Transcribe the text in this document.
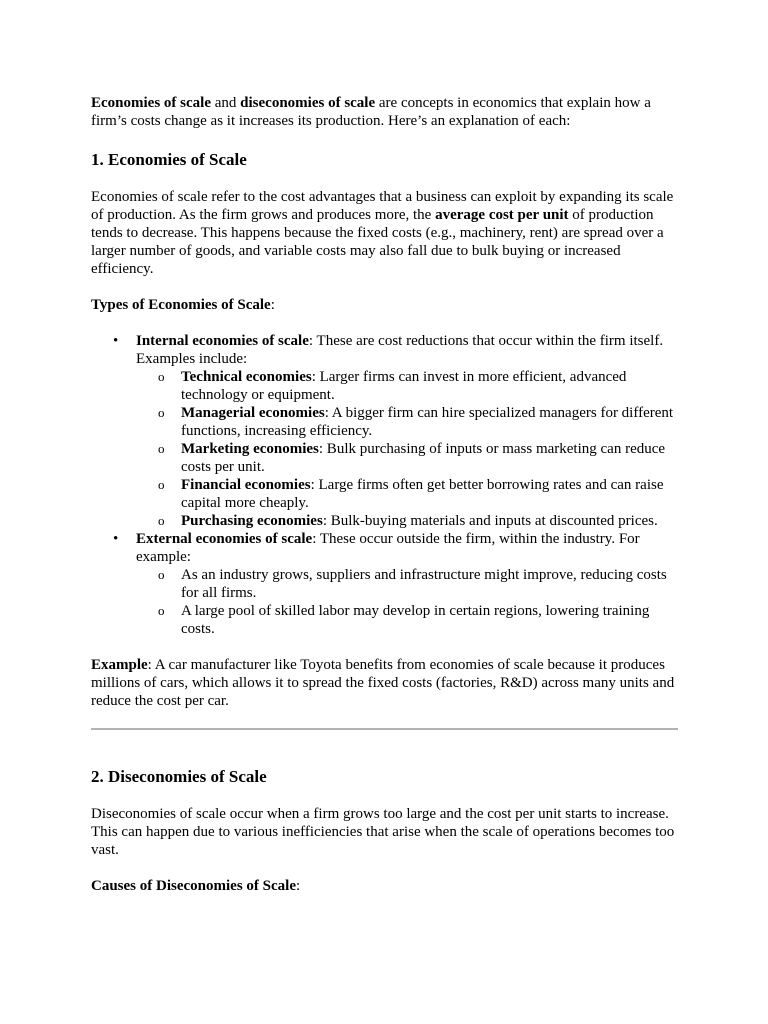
Economies of scale and diseconomies of scale are concepts in economics that explain how a firm’s costs change as it increases its production. Here’s an explanation of each:

1. Economies of Scale

Economies of scale refer to the cost advantages that a business can exploit by expanding its scale of production. As the firm grows and produces more, the average cost per unit of production tends to decrease. This happens because the fixed costs (e.g., machinery, rent) are spread over a larger number of goods, and variable costs may also fall due to bulk buying or increased efficiency.

Types of Economies of Scale:

• Internal economies of scale: These are cost reductions that occur within the firm itself. Examples include:
o Technical economies: Larger firms can invest in more efficient, advanced technology or equipment.
o Managerial economies: A bigger firm can hire specialized managers for different functions, increasing efficiency.
o Marketing economies: Bulk purchasing of inputs or mass marketing can reduce costs per unit.
o Financial economies: Large firms often get better borrowing rates and can raise capital more cheaply.
o Purchasing economies: Bulk-buying materials and inputs at discounted prices.
• External economies of scale: These occur outside the firm, within the industry. For example:
o As an industry grows, suppliers and infrastructure might improve, reducing costs for all firms.
o A large pool of skilled labor may develop in certain regions, lowering training costs.

Example: A car manufacturer like Toyota benefits from economies of scale because it produces millions of cars, which allows it to spread the fixed costs (factories, R&D) across many units and reduce the cost per car.

2. Diseconomies of Scale

Diseconomies of scale occur when a firm grows too large and the cost per unit starts to increase. This can happen due to various inefficiencies that arise when the scale of operations becomes too vast.

Causes of Diseconomies of Scale:
